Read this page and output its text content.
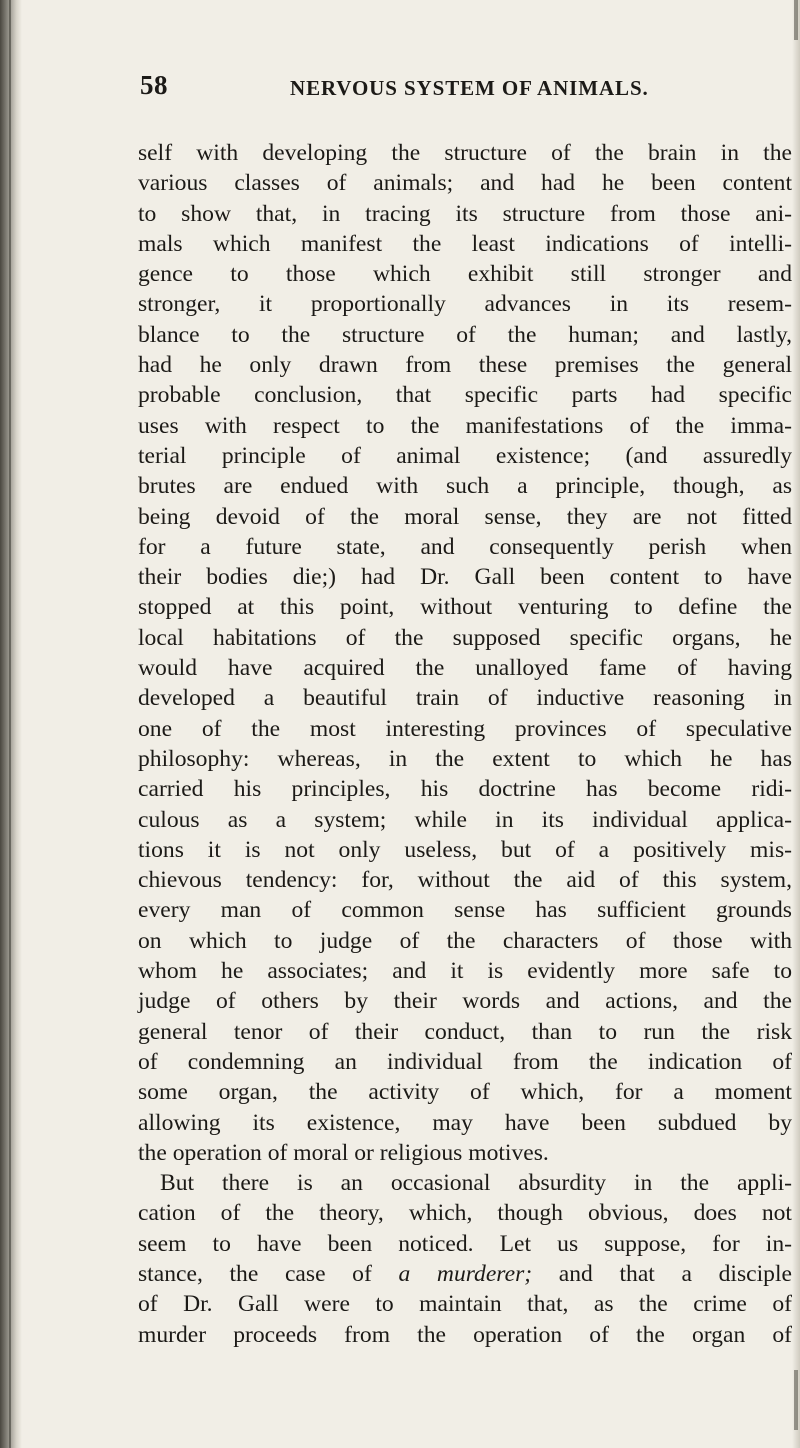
58	NERVOUS SYSTEM OF ANIMALS.
self with developing the structure of the brain in the
various classes of animals; and had he been content
to show that, in tracing its structure from those ani-
mals which manifest the least indications of intelli-
gence to those which exhibit still stronger and
stronger, it proportionally advances in its resem-
blance to the structure of the human; and lastly,
had he only drawn from these premises the general
probable conclusion, that specific parts had specific
uses with respect to the manifestations of the imma-
terial principle of animal existence; (and assuredly
brutes are endued with such a principle, though, as
being devoid of the moral sense, they are not fitted
for a future state, and consequently perish when
their bodies die;) had Dr. Gall been content to have
stopped at this point, without venturing to define the
local habitations of the supposed specific organs, he
would have acquired the unalloyed fame of having
developed a beautiful train of inductive reasoning in
one of the most interesting provinces of speculative
philosophy: whereas, in the extent to which he has
carried his principles, his doctrine has become ridi-
culous as a system; while in its individual applica-
tions it is not only useless, but of a positively mis-
chievous tendency: for, without the aid of this system,
every man of common sense has sufficient grounds
on which to judge of the characters of those with
whom he associates; and it is evidently more safe to
judge of others by their words and actions, and the
general tenor of their conduct, than to run the risk
of condemning an individual from the indication of
some organ, the activity of which, for a moment
allowing its existence, may have been subdued by
the operation of moral or religious motives.
But there is an occasional absurdity in the appli-
cation of the theory, which, though obvious, does not
seem to have been noticed. Let us suppose, for in-
stance, the case of a murderer; and that a disciple
of Dr. Gall were to maintain that, as the crime of
murder proceeds from the operation of the organ of
